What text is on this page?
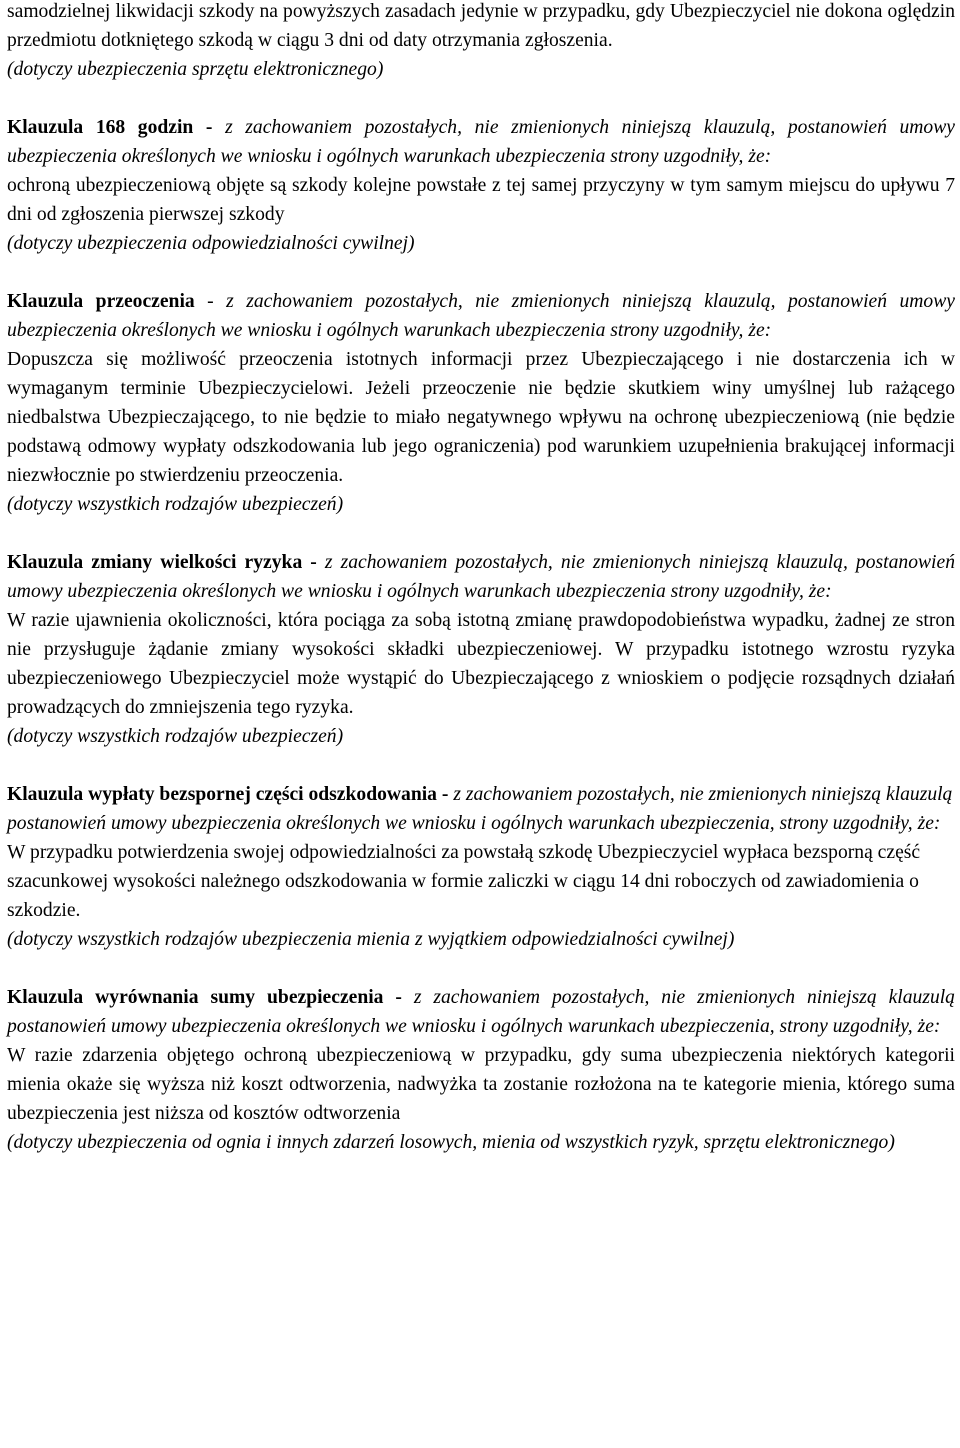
samodzielnej likwidacji szkody na powyższych zasadach jedynie w przypadku, gdy Ubezpieczyciel nie dokona oględzin przedmiotu dotkniętego szkodą w ciągu 3 dni od daty otrzymania zgłoszenia.

(dotyczy ubezpieczenia sprzętu elektronicznego)

Klauzula 168 godzin - z zachowaniem pozostałych, nie zmienionych niniejszą klauzulą, postanowień umowy ubezpieczenia określonych we wniosku i ogólnych warunkach ubezpieczenia strony uzgodniły, że:

ochroną ubezpieczeniową objęte są szkody kolejne powstałe z tej samej przyczyny w tym samym miejscu do upływu 7 dni od zgłoszenia pierwszej szkody

(dotyczy ubezpieczenia odpowiedzialności cywilnej)

Klauzula przeoczenia - z zachowaniem pozostałych, nie zmienionych niniejszą klauzulą, postanowień umowy ubezpieczenia określonych we wniosku i ogólnych warunkach ubezpieczenia strony uzgodniły, że:

Dopuszcza się możliwość przeoczenia istotnych informacji przez Ubezpieczającego i nie dostarczenia ich w wymaganym terminie Ubezpieczycielowi. Jeżeli przeoczenie nie będzie skutkiem winy umyślnej lub rażącego niedbalstwa Ubezpieczającego, to nie będzie to miało negatywnego wpływu na ochronę ubezpieczeniową (nie będzie podstawą odmowy wypłaty odszkodowania lub jego ograniczenia) pod warunkiem uzupełnienia brakującej informacji niezwłocznie po stwierdzeniu przeoczenia.

(dotyczy wszystkich rodzajów ubezpieczeń)

Klauzula zmiany wielkości ryzyka - z zachowaniem pozostałych, nie zmienionych niniejszą klauzulą, postanowień umowy ubezpieczenia określonych we wniosku i ogólnych warunkach ubezpieczenia strony uzgodniły, że:

W razie ujawnienia okoliczności, która pociąga za sobą istotną zmianę prawdopodobieństwa wypadku, żadnej ze stron nie przysługuje żądanie zmiany wysokości składki ubezpieczeniowej. W przypadku istotnego wzrostu ryzyka ubezpieczeniowego Ubezpieczyciel może wystąpić do Ubezpieczającego z wnioskiem o podjęcie rozsądnych działań prowadzących do zmniejszenia tego ryzyka.

(dotyczy wszystkich rodzajów ubezpieczeń)

Klauzula wypłaty bezspornej części odszkodowania - z zachowaniem pozostałych, nie zmienionych niniejszą klauzulą postanowień umowy ubezpieczenia określonych we wniosku i ogólnych warunkach ubezpieczenia, strony uzgodniły, że:

W przypadku potwierdzenia swojej odpowiedzialności za powstałą szkodę Ubezpieczyciel wypłaca bezsporną część szacunkowej wysokości należnego odszkodowania w formie zaliczki w ciągu 14 dni roboczych od zawiadomienia o szkodzie.

(dotyczy wszystkich rodzajów ubezpieczenia mienia z wyjątkiem odpowiedzialności cywilnej)

Klauzula wyrównania sumy ubezpieczenia - z zachowaniem pozostałych, nie zmienionych niniejszą klauzulą postanowień umowy ubezpieczenia określonych we wniosku i ogólnych warunkach ubezpieczenia, strony uzgodniły, że:

W razie zdarzenia objętego ochroną ubezpieczeniową w przypadku, gdy suma ubezpieczenia niektórych kategorii mienia okaże się wyższa niż koszt odtworzenia, nadwyżka ta zostanie rozłożona na te kategorie mienia, którego suma ubezpieczenia jest niższa od kosztów odtworzenia

(dotyczy ubezpieczenia od ognia i innych zdarzeń losowych, mienia od wszystkich ryzyk, sprzętu elektronicznego)
